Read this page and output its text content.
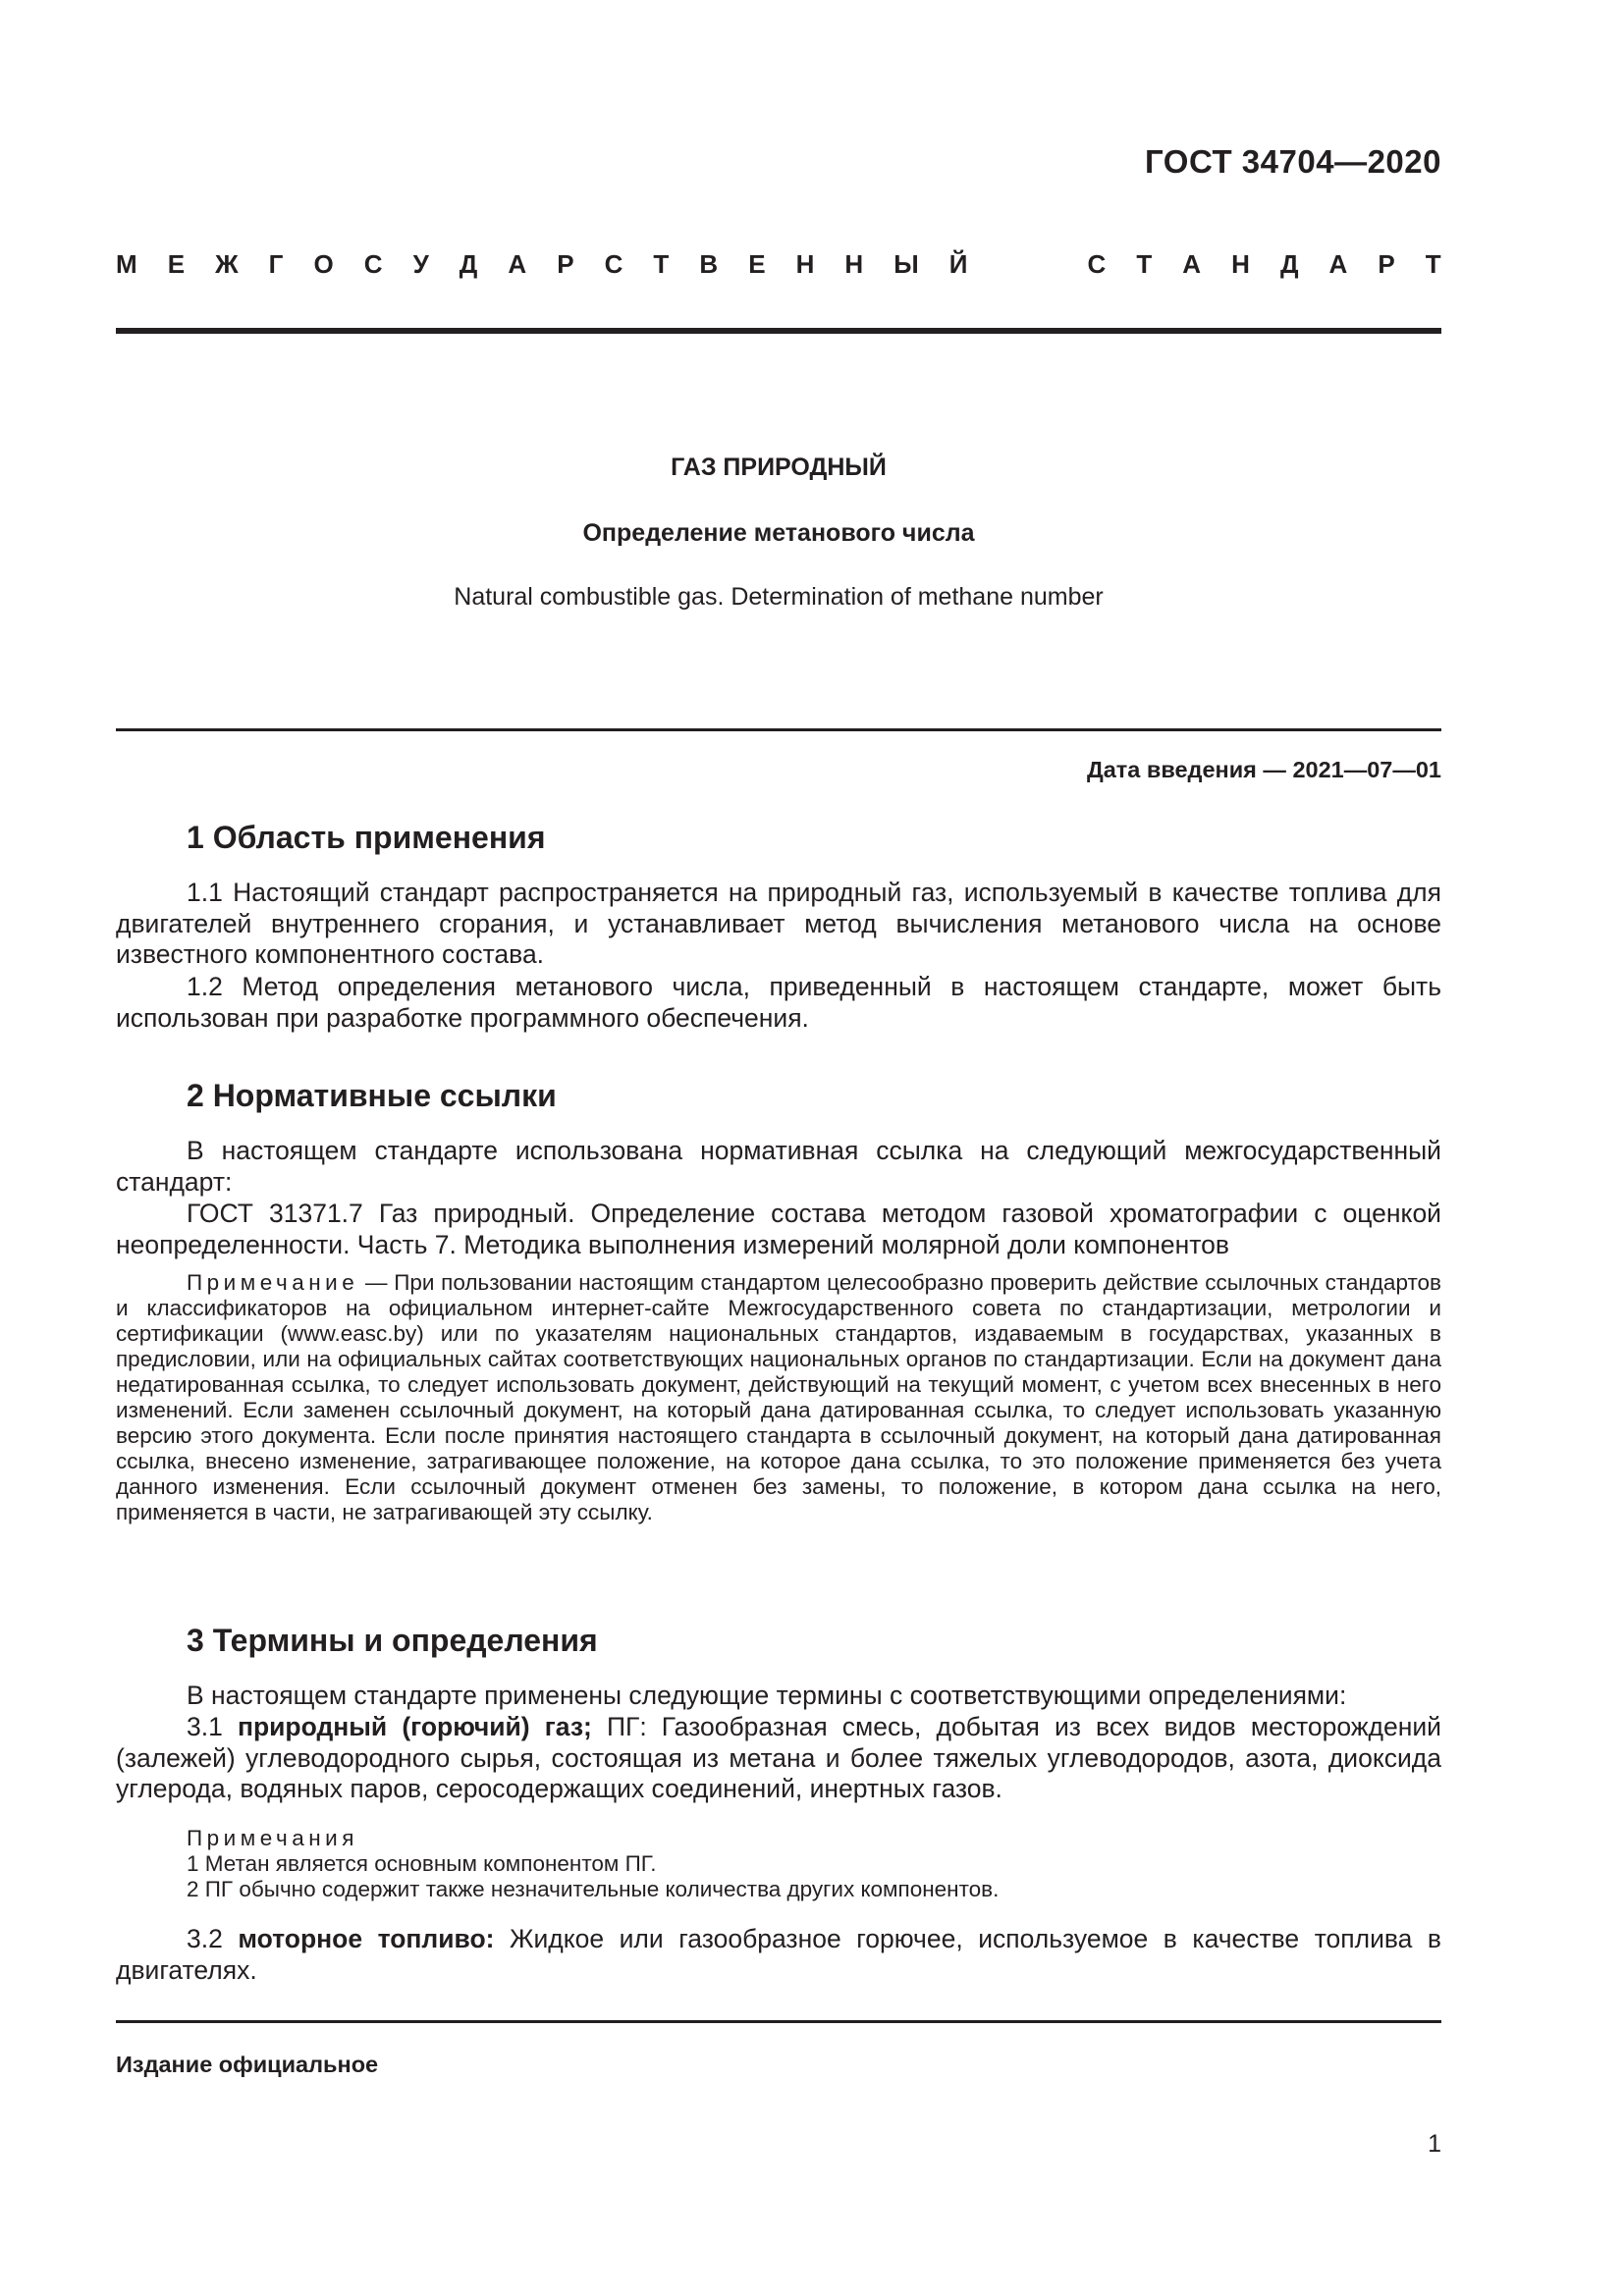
ГОСТ 34704—2020
М Е Ж Г О С У Д А Р С Т В Е Н Н Ы Й	С Т А Н Д А Р Т
ГАЗ ПРИРОДНЫЙ
Определение метанового числа
Natural combustible gas. Determination of methane number
Дата введения — 2021—07—01
1 Область применения

1.1 Настоящий стандарт распространяется на природный газ, используемый в качестве топлива для двигателей внутреннего сгорания, и устанавливает метод вычисления метанового числа на основе известного компонентного состава.

1.2 Метод определения метанового числа, приведенный в настоящем стандарте, может быть использован при разработке программного обеспечения.

2 Нормативные ссылки

В настоящем стандарте использована нормативная ссылка на следующий межгосударственный стандарт:

ГОСТ 31371.7 Газ природный. Определение состава методом газовой хроматографии с оценкой неопределенности. Часть 7. Методика выполнения измерений молярной доли компонентов

Примечание — При пользовании настоящим стандартом целесообразно проверить действие ссылочных стандартов и классификаторов на официальном интернет-сайте Межгосударственного совета по стандартизации, метрологии и сертификации (www.easc.by) или по указателям национальных стандартов, издаваемым в государствах, указанных в предисловии, или на официальных сайтах соответствующих национальных органов по стандартизации. Если на документ дана недатированная ссылка, то следует использовать документ, действующий на текущий момент, с учетом всех внесенных в него изменений. Если заменен ссылочный документ, на который дана датированная ссылка, то следует использовать указанную версию этого документа. Если после принятия настоящего стандарта в ссылочный документ, на который дана датированная ссылка, внесено изменение, затрагивающее положение, на которое дана ссылка, то это положение применяется без учета данного изменения. Если ссылочный документ отменен без замены, то положение, в котором дана ссылка на него, применяется в части, не затрагивающей эту ссылку.

3 Термины и определения

В настоящем стандарте применены следующие термины с соответствующими определениями:

3.1 природный (горючий) газ; ПГ: Газообразная смесь, добытая из всех видов месторождений (залежей) углеводородного сырья, состоящая из метана и более тяжелых углеводородов, азота, диоксида углерода, водяных паров, серосодержащих соединений, инертных газов.

Примечания
1 Метан является основным компонентом ПГ.
2 ПГ обычно содержит также незначительные количества других компонентов.

3.2 моторное топливо: Жидкое или газообразное горючее, используемое в качестве топлива в двигателях.

Издание официальное
1
